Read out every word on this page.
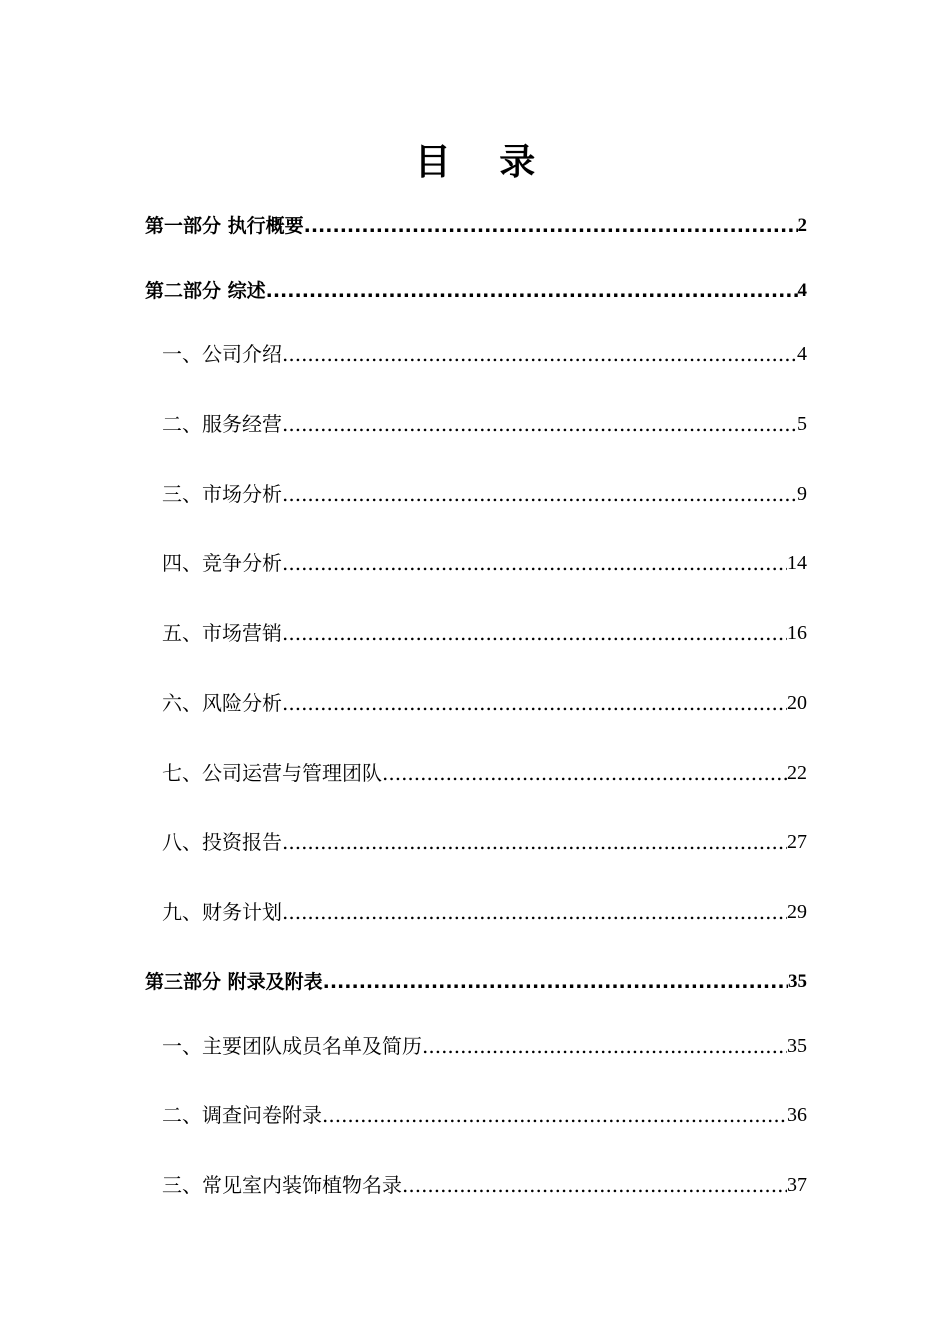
目 录
第一部分 执行概要 .....	2
第二部分 综述 .....	4
一、公司介绍 .....	4
二、服务经营 .....	5
三、市场分析 .....	9
四、竞争分析 .....	14
五、市场营销 .....	16
六、风险分析 .....	20
七、公司运营与管理团队 .....	22
八、投资报告 .....	27
九、财务计划 .....	29
第三部分 附录及附表 .....	35
一、主要团队成员名单及简历 .....	35
二、调查问卷附录 .....	36
三、常见室内装饰植物名录 .....	37
